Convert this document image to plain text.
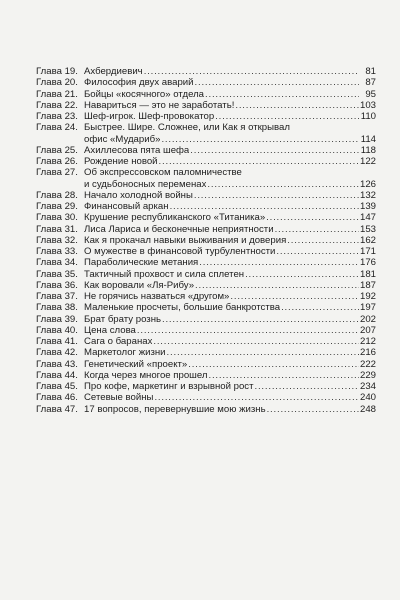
Глава 19. Ахбердиевич .....	81
Глава 20. Философия двух аварий .....	87
Глава 21. Бойцы «косячного» отдела .....	95
Глава 22. Навариться — это не заработать! .....	103
Глава 23. Шеф-игрок. Шеф-провокатор .....	110
Глава 24. Быстрее. Шире. Сложнее, или Как я открывал
офис «Мудариб» .....	114
Глава 25. Ахиллесова пята шефа .....	118
Глава 26. Рождение новой .....	122
Глава 27. Об экспрессовском паломничестве
и судьбоносных переменах .....	126
Глава 28. Начало холодной войны .....	132
Глава 29. Финансовый аркан .....	139
Глава 30. Крушение республиканского «Титаника» .....	147
Глава 31. Лиса Лариса и бесконечные неприятности .....	153
Глава 32. Как я прокачал навыки выживания и доверия .....	162
Глава 33. О мужестве в финансовой турбулентности .....	171
Глава 34. Параболические метания .....	176
Глава 35. Тактичный прохвост и сила сплетен .....	181
Глава 36. Как воровали «Ля-Рибу» .....	187
Глава 37. Не горячись назваться «другом» .....	192
Глава 38. Маленькие просчеты, большие банкротства .....	197
Глава 39. Брат брату рознь .....	202
Глава 40. Цена слова .....	207
Глава 41. Сага о баранах .....	212
Глава 42. Маркетолог жизни .....	216
Глава 43. Генетический «проект» .....	222
Глава 44. Когда через многое прошел .....	229
Глава 45. Про кофе, маркетинг и взрывной рост .....	234
Глава 46. Сетевые войны .....	240
Глава 47. 17 вопросов, перевернувшие мою жизнь .....	248
